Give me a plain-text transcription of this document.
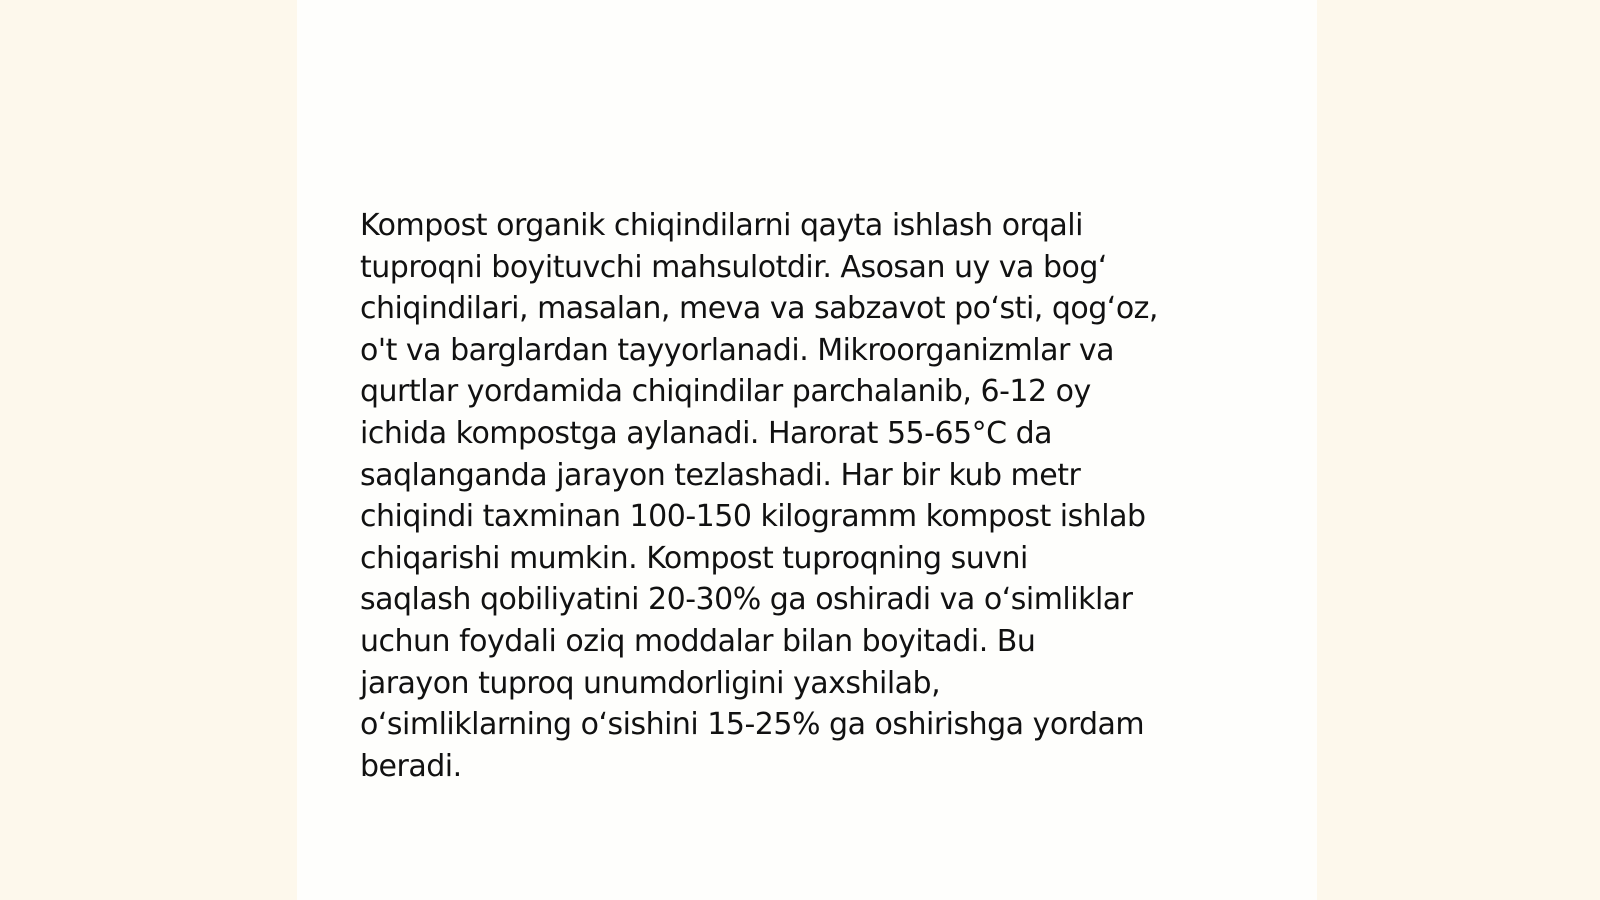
Kompost organik chiqindilarni qayta ishlash orqali
tuproqni boyituvchi mahsulotdir. Asosan uy va bog‘
chiqindilari, masalan, meva va sabzavot po‘sti, qog‘oz,
o't va barglardan tayyorlanadi. Mikroorganizmlar va
qurtlar yordamida chiqindilar parchalanib, 6-12 oy
ichida kompostga aylanadi. Harorat 55-65°C da
saqlanganda jarayon tezlashadi. Har bir kub metr
chiqindi taxminan 100-150 kilogramm kompost ishlab
chiqarishi mumkin. Kompost tuproqning suvni
saqlash qobiliyatini 20-30% ga oshiradi va o‘simliklar
uchun foydali oziq moddalar bilan boyitadi. Bu
jarayon tuproq unumdorligini yaxshilab,
o‘simliklarning o‘sishini 15-25% ga oshirishga yordam
beradi.
